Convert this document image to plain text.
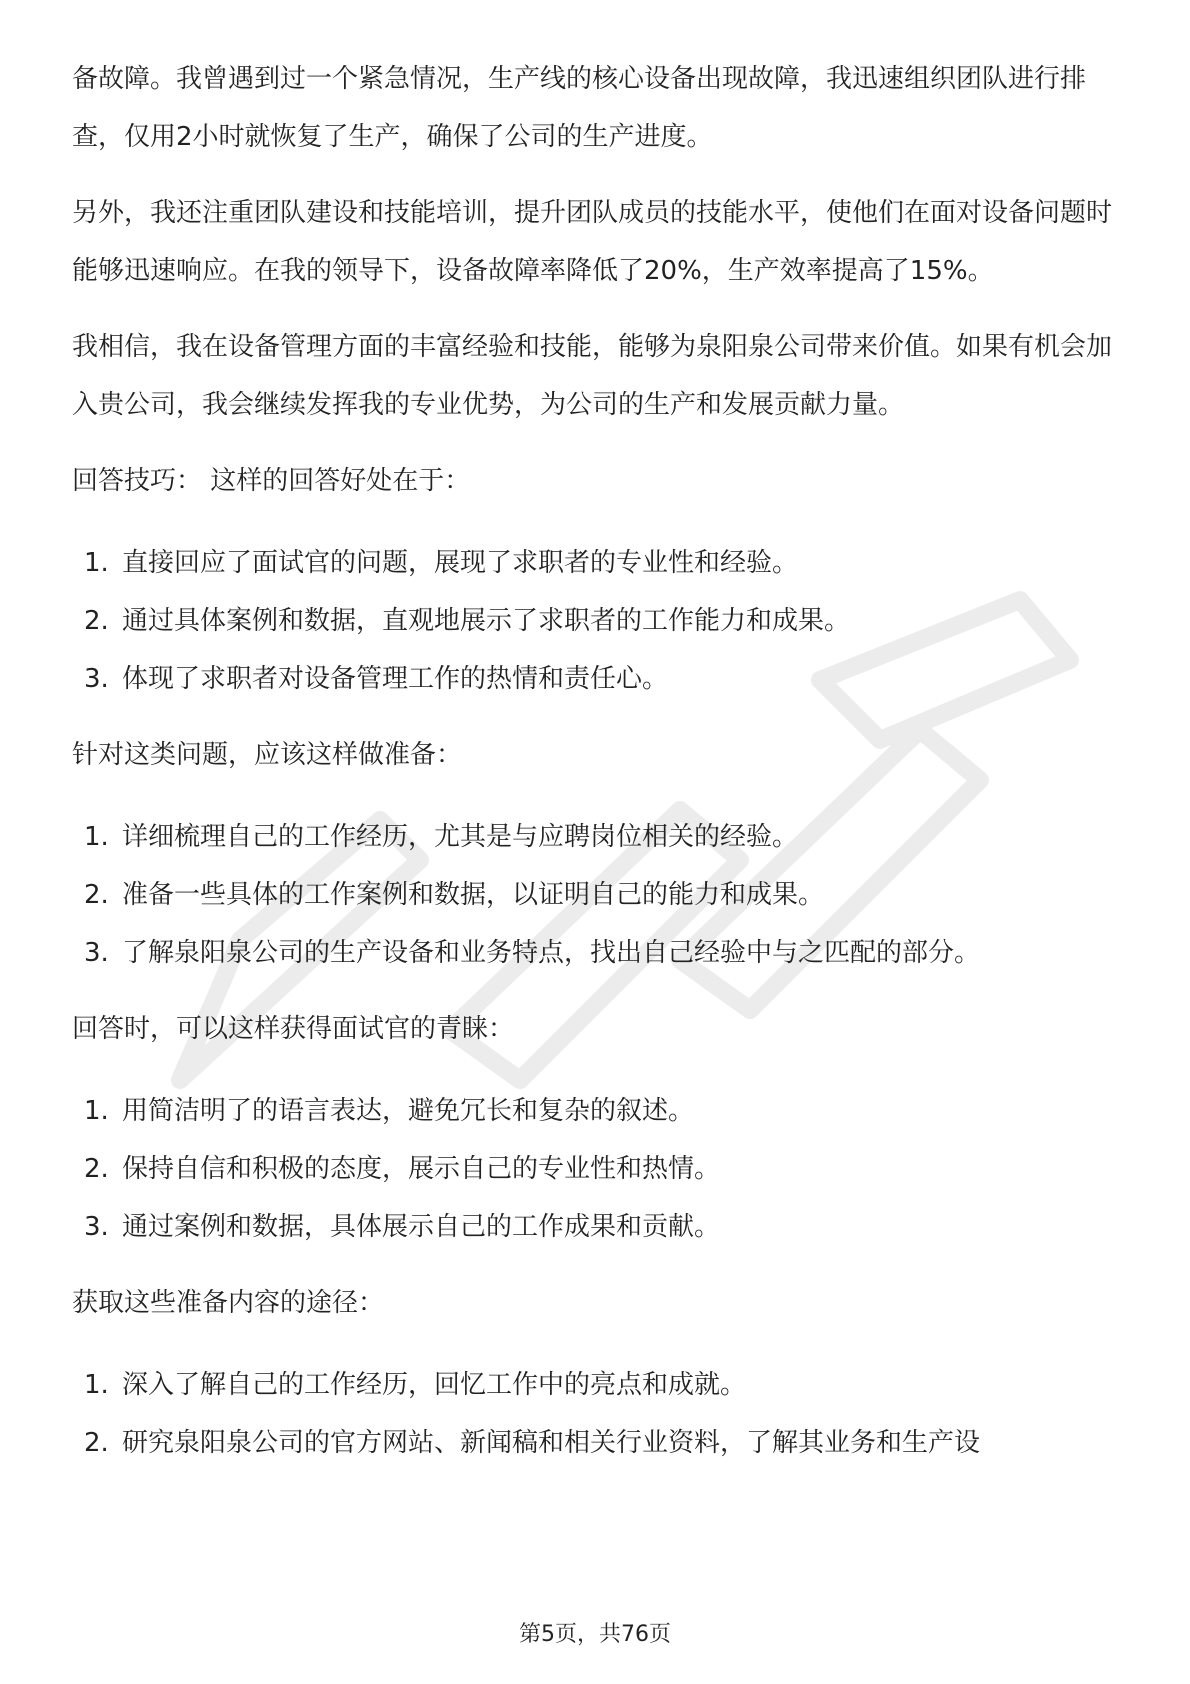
备故障。我曾遇到过一个紧急情况，生产线的核心设备出现故障，我迅速组织团队进行排查，仅用2小时就恢复了生产，确保了公司的生产进度。

另外，我还注重团队建设和技能培训，提升团队成员的技能水平，使他们在面对设备问题时能够迅速响应。在我的领导下，设备故障率降低了20%，生产效率提高了15%。

我相信，我在设备管理方面的丰富经验和技能，能够为泉阳泉公司带来价值。如果有机会加入贵公司，我会继续发挥我的专业优势，为公司的生产和发展贡献力量。

回答技巧： 这样的回答好处在于：

1. 直接回应了面试官的问题，展现了求职者的专业性和经验。
2. 通过具体案例和数据，直观地展示了求职者的工作能力和成果。
3. 体现了求职者对设备管理工作的热情和责任心。

针对这类问题，应该这样做准备：

1. 详细梳理自己的工作经历，尤其是与应聘岗位相关的经验。
2. 准备一些具体的工作案例和数据，以证明自己的能力和成果。
3. 了解泉阳泉公司的生产设备和业务特点，找出自己经验中与之匹配的部分。

回答时，可以这样获得面试官的青睐：

1. 用简洁明了的语言表达，避免冗长和复杂的叙述。
2. 保持自信和积极的态度，展示自己的专业性和热情。
3. 通过案例和数据，具体展示自己的工作成果和贡献。

获取这些准备内容的途径：

1. 深入了解自己的工作经历，回忆工作中的亮点和成就。
2. 研究泉阳泉公司的官方网站、新闻稿和相关行业资料，了解其业务和生产设
第5页，共76页
